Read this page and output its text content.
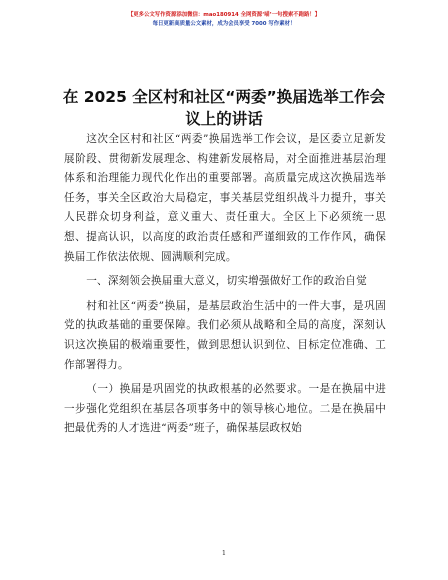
【更多公文写作资源添加微信：mao180914 全网资源‘喵’一句搜索不跑路！】
每日更新高质量公文素材，成为会员享受 7000 写作素材！
在 2025 全区村和社区“两委”换届选举工作会
议上的讲话

这次全区村和社区“两委”换届选举工作会议，是区委立足新发展阶段、贯彻新发展理念、构建新发展格局，对全面推进基层治理体系和治理能力现代化作出的重要部署。高质量完成这次换届选举任务，事关全区政治大局稳定，事关基层党组织战斗力提升，事关人民群众切身利益，意义重大、责任重大。全区上下必须统一思想、提高认识，以高度的政治责任感和严谨细致的工作作风，确保换届工作依法依规、圆满顺利完成。

一、深刻领会换届重大意义，切实增强做好工作的政治自觉

村和社区“两委”换届，是基层政治生活中的一件大事，是巩固党的执政基础的重要保障。我们必须从战略和全局的高度，深刻认识这次换届的极端重要性，做到思想认识到位、目标定位准确、工作部署得力。

（一）换届是巩固党的执政根基的必然要求。一是在换届中进一步强化党组织在基层各项事务中的领导核心地位。二是在换届中把最优秀的人才选进“两委”班子，确保基层政权始

1
